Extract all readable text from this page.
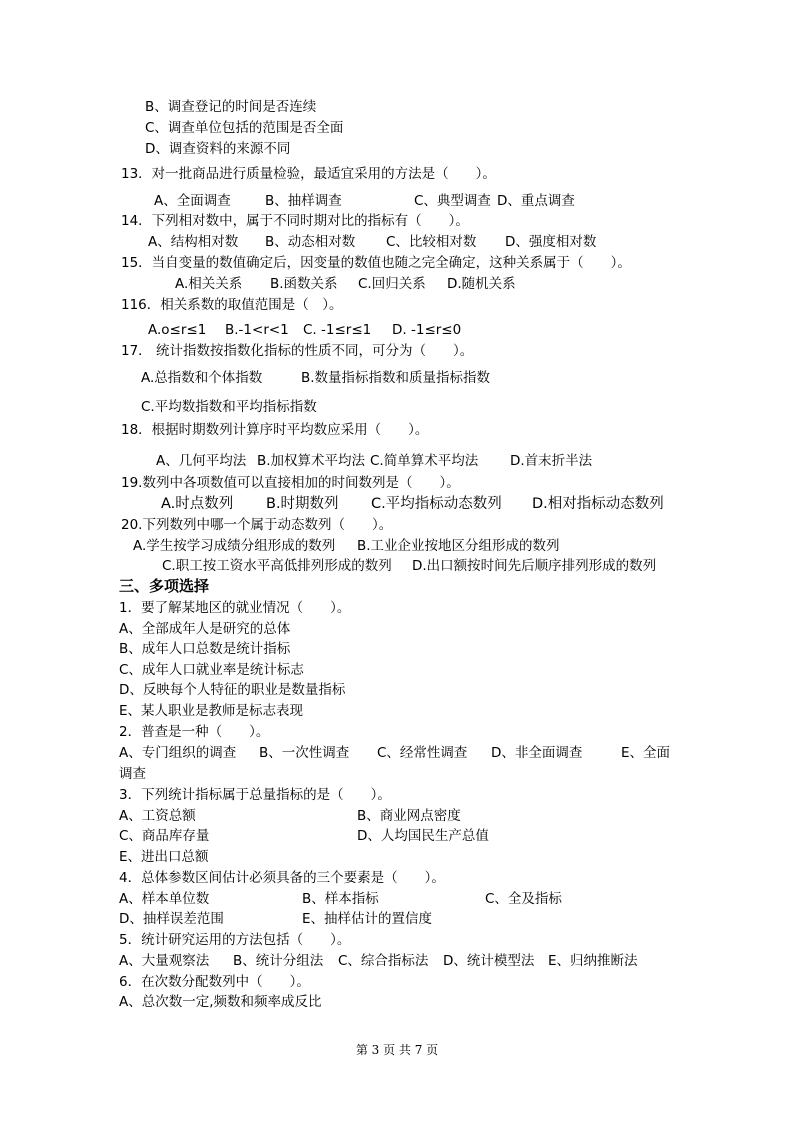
B、调查登记的时间是否连续
C、调查单位包括的范围是否全面
D、调查资料的来源不同
13．对一批商品进行质量检验，最适宜采用的方法是（　　）。
A、全面调查	B、抽样调查	C、典型调查 D、重点调查
14．下列相对数中，属于不同时期对比的指标有（　　）。
A、结构相对数 B、动态相对数 C、比较相对数 D、强度相对数
15．当自变量的数值确定后，因变量的数值也随之完全确定，这种关系属于（　　）。
A.相关关系 B.函数关系 C.回归关系 D.随机关系
116．相关系数的取值范围是（　）。
A.o≤r≤1 B.-1<r<1 C. -1≤r≤1 D. -1≤r≤0
17． 统计指数按指数化指标的性质不同，可分为（　　）。
A.总指数和个体指数	B.数量指标指数和质量指标指数
C.平均数指数和平均指标指数
18．根据时期数列计算序时平均数应采用（　　）。
A、几何平均法 B.加权算术平均法 C.简单算术平均法 D.首末折半法
19.数列中各项数值可以直接相加的时间数列是（　　）。
A.时点数列 B.时期数列 C.平均指标动态数列 D.相对指标动态数列
20.下列数列中哪一个属于动态数列（　　）。
A.学生按学习成绩分组形成的数列 B.工业企业按地区分组形成的数列
C.职工按工资水平高低排列形成的数列 D.出口额按时间先后顺序排列形成的数列
三、多项选择
1．要了解某地区的就业情况（　　）。
A、全部成年人是研究的总体
B、成年人口总数是统计指标
C、成年人口就业率是统计标志
D、反映每个人特征的职业是数量指标
E、某人职业是教师是标志表现
2．普查是一种（　　）。
A、专门组织的调查 B、一次性调查 C、经常性调查 D、非全面调查	E、全面
调查
3．下列统计指标属于总量指标的是（　　）。
A、工资总额	B、商业网点密度
C、商品库存量	D、人均国民生产总值
E、进出口总额
4．总体参数区间估计必须具备的三个要素是（　　）。
A、样本单位数	B、样本指标	C、全及指标
D、抽样误差范围	E、抽样估计的置信度
5．统计研究运用的方法包括（　　）。
A、大量观察法 B、统计分组法 C、综合指标法 D、统计模型法 E、归纳推断法
6．在次数分配数列中（　　）。
A、总次数一定,频数和频率成反比
第 3 页 共 7 页
